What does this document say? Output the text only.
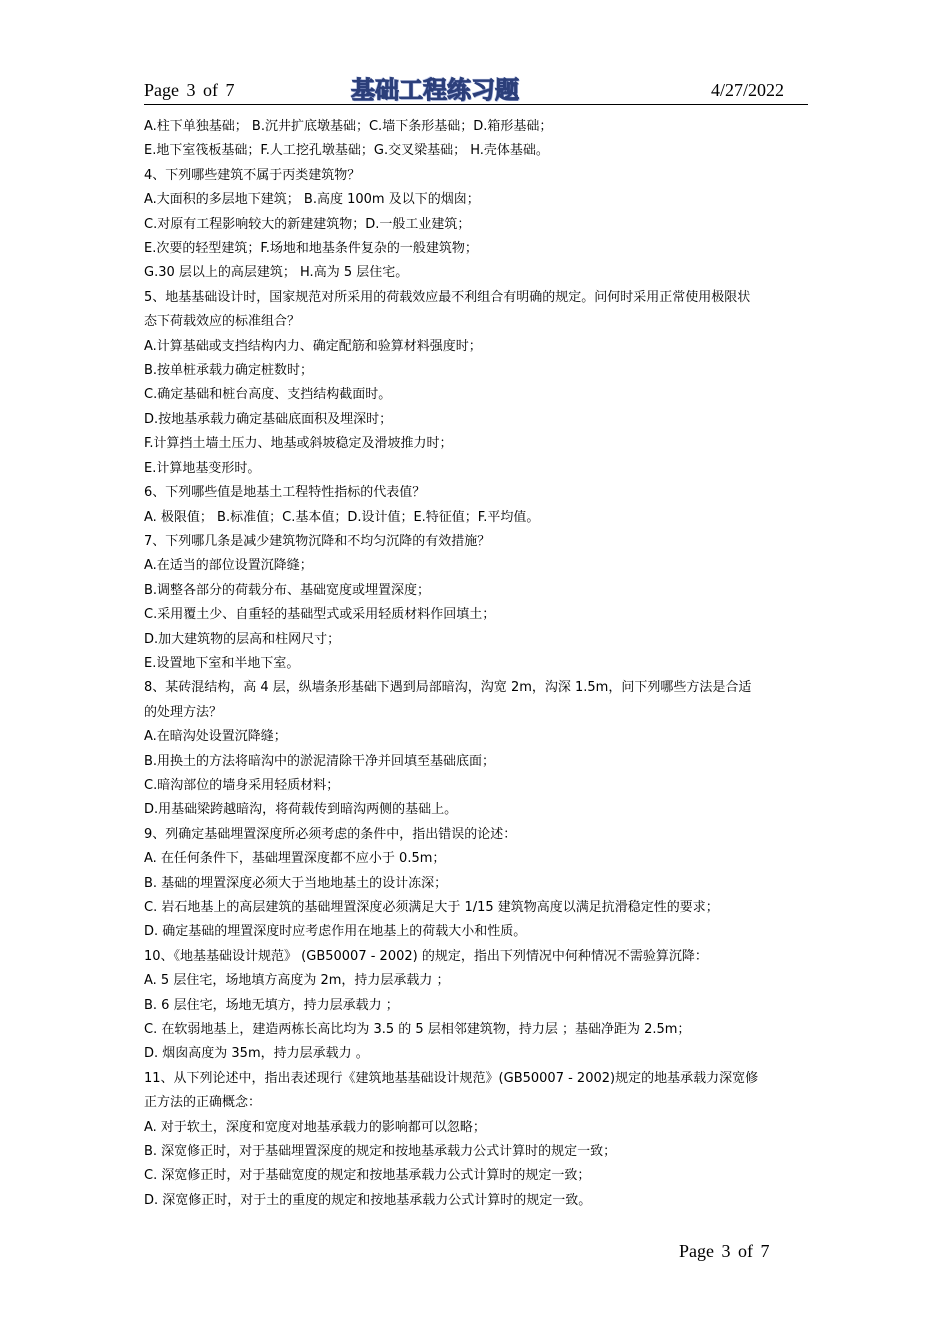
Page 3 of 7	基础工程练习题	4/27/2022
A.柱下单独基础； B.沉井扩底墩基础；C.墙下条形基础；D.箱形基础；
E.地下室筏板基础；F.人工挖孔墩基础；G.交叉梁基础； H.壳体基础。
4、下列哪些建筑不属于丙类建筑物？
A.大面积的多层地下建筑； B.高度 100m 及以下的烟囱；
C.对原有工程影响较大的新建建筑物；D.一般工业建筑；
E.次要的轻型建筑；F.场地和地基条件复杂的一般建筑物；
G.30 层以上的高层建筑； H.高为 5 层住宅。
5、地基基础设计时，国家规范对所采用的荷载效应最不利组合有明确的规定。问何时采用正常使用极限状
态下荷载效应的标准组合？
A.计算基础或支挡结构内力、确定配筋和验算材料强度时；
B.按单桩承载力确定桩数时；
C.确定基础和桩台高度、支挡结构截面时。
D.按地基承载力确定基础底面积及埋深时；
F.计算挡土墙土压力、地基或斜坡稳定及滑坡推力时；
E.计算地基变形时。
6、下列哪些值是地基土工程特性指标的代表值？
A. 极限值； B.标准值；C.基本值；D.设计值；E.特征值；F.平均值。
7、下列哪几条是减少建筑物沉降和不均匀沉降的有效措施？
A.在适当的部位设置沉降缝；
B.调整各部分的荷载分布、基础宽度或埋置深度；
C.采用覆土少、自重轻的基础型式或采用轻质材料作回填土；
D.加大建筑物的层高和柱网尺寸；
E.设置地下室和半地下室。
8、某砖混结构，高 4 层，纵墙条形基础下遇到局部暗沟，沟宽 2m，沟深 1.5m，问下列哪些方法是合适
的处理方法？
A.在暗沟处设置沉降缝；
B.用换土的方法将暗沟中的淤泥清除干净并回填至基础底面；
C.暗沟部位的墙身采用轻质材料；
D.用基础梁跨越暗沟，将荷载传到暗沟两侧的基础上。
9、列确定基础埋置深度所必须考虑的条件中，指出错误的论述：
A. 在任何条件下，基础埋置深度都不应小于 0.5m；
B. 基础的埋置深度必须大于当地地基土的设计冻深；
C. 岩石地基上的高层建筑的基础埋置深度必须满足大于 1/15 建筑物高度以满足抗滑稳定性的要求；
D. 确定基础的埋置深度时应考虑作用在地基上的荷载大小和性质。
10、《地基基础设计规范》 (GB50007 - 2002) 的规定，指出下列情况中何种情况不需验算沉降：
A. 5 层住宅，场地填方高度为 2m，持力层承载力 ；
B. 6 层住宅，场地无填方，持力层承载力 ；
C. 在软弱地基上，建造两栋长高比均为 3.5 的 5 层相邻建筑物，持力层 ；基础净距为 2.5m；
D. 烟囱高度为 35m，持力层承载力 。
11、从下列论述中，指出表述现行《建筑地基基础设计规范》(GB50007 - 2002)规定的地基承载力深宽修
正方法的正确概念：
A. 对于软土，深度和宽度对地基承载力的影响都可以忽略；
B. 深宽修正时，对于基础埋置深度的规定和按地基承载力公式计算时的规定一致；
C. 深宽修正时，对于基础宽度的规定和按地基承载力公式计算时的规定一致；
D. 深宽修正时，对于土的重度的规定和按地基承载力公式计算时的规定一致。
Page 3 of 7
